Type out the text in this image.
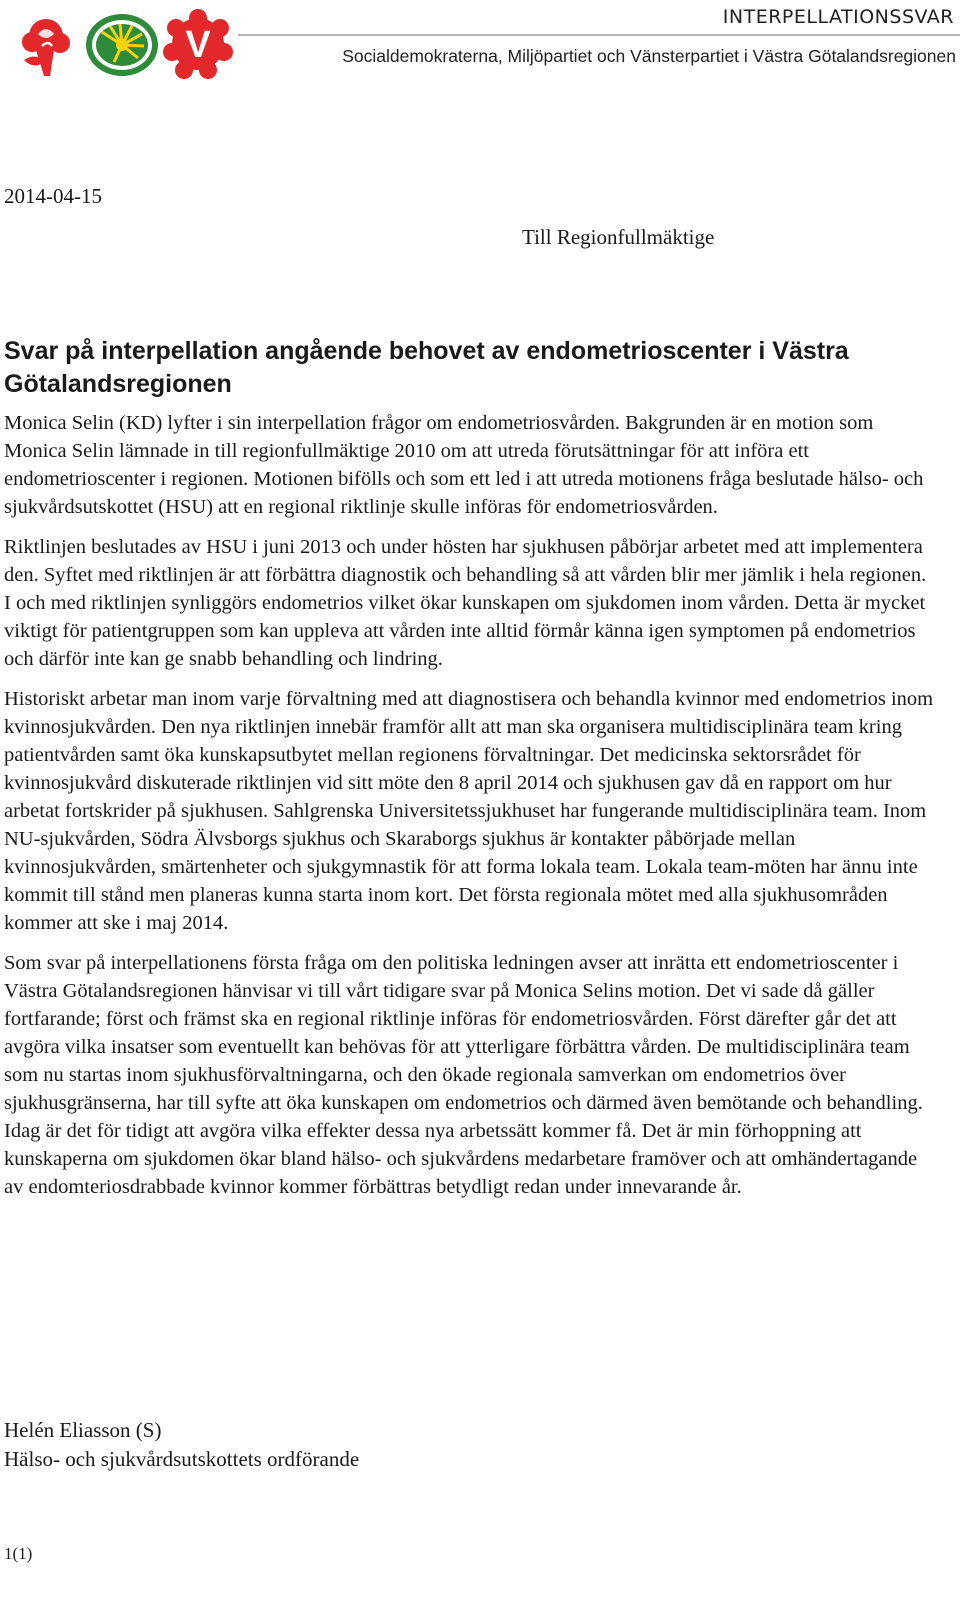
V
INTERPELLATIONSSVAR

Socialdemokraterna, Miljöpartiet och Vänsterpartiet i Västra Götalandsregionen

2014-04-15
Till Regionfullmäktige
Svar på interpellation angående behovet av endometrioscenter i Västra Götalandsregionen

Monica Selin (KD) lyfter i sin interpellation frågor om endometriosvården. Bakgrunden är en motion som Monica Selin lämnade in till regionfullmäktige 2010 om att utreda förutsättningar för att införa ett endometrioscenter i regionen. Motionen bifölls och som ett led i att utreda motionens fråga beslutade hälso- och sjukvårdsutskottet (HSU) att en regional riktlinje skulle införas för endometriosvården.

Riktlinjen beslutades av HSU i juni 2013 och under hösten har sjukhusen påbörjar arbetet med att implementera den. Syftet med riktlinjen är att förbättra diagnostik och behandling så att vården blir mer jämlik i hela regionen. I och med riktlinjen synliggörs endometrios vilket ökar kunskapen om sjukdomen inom vården. Detta är mycket viktigt för patientgruppen som kan uppleva att vården inte alltid förmår känna igen symptomen på endometrios och därför inte kan ge snabb behandling och lindring.

Historiskt arbetar man inom varje förvaltning med att diagnostisera och behandla kvinnor med endometrios inom kvinnosjukvården. Den nya riktlinjen innebär framför allt att man ska organisera multidisciplinära team kring patientvården samt öka kunskapsutbytet mellan regionens förvaltningar. Det medicinska sektorsrådet för kvinnosjukvård diskuterade riktlinjen vid sitt möte den 8 april 2014 och sjukhusen gav då en rapport om hur arbetat fortskrider på sjukhusen. Sahlgrenska Universitetssjukhuset har fungerande multidisciplinära team. Inom NU-sjukvården, Södra Älvsborgs sjukhus och Skaraborgs sjukhus är kontakter påbörjade mellan kvinnosjukvården, smärtenheter och sjukgymnastik för att forma lokala team. Lokala team-möten har ännu inte kommit till stånd men planeras kunna starta inom kort. Det första regionala mötet med alla sjukhusområden kommer att ske i maj 2014.

Som svar på interpellationens första fråga om den politiska ledningen avser att inrätta ett endometrioscenter i Västra Götalandsregionen hänvisar vi till vårt tidigare svar på Monica Selins motion. Det vi sade då gäller fortfarande; först och främst ska en regional riktlinje införas för endometriosvården. Först därefter går det att avgöra vilka insatser som eventuellt kan behövas för att ytterligare förbättra vården. De multidisciplinära team som nu startas inom sjukhusförvaltningarna, och den ökade regionala samverkan om endometrios över sjukhusgränserna, har till syfte att öka kunskapen om endometrios och därmed även bemötande och behandling. Idag är det för tidigt att avgöra vilka effekter dessa nya arbetssätt kommer få. Det är min förhoppning att kunskaperna om sjukdomen ökar bland hälso- och sjukvårdens medarbetare framöver och att omhändertagande av endomteriosdrabbade kvinnor kommer förbättras betydligt redan under innevarande år.

Helén Eliasson (S)
Hälso- och sjukvårdsutskottets ordförande
1(1)
